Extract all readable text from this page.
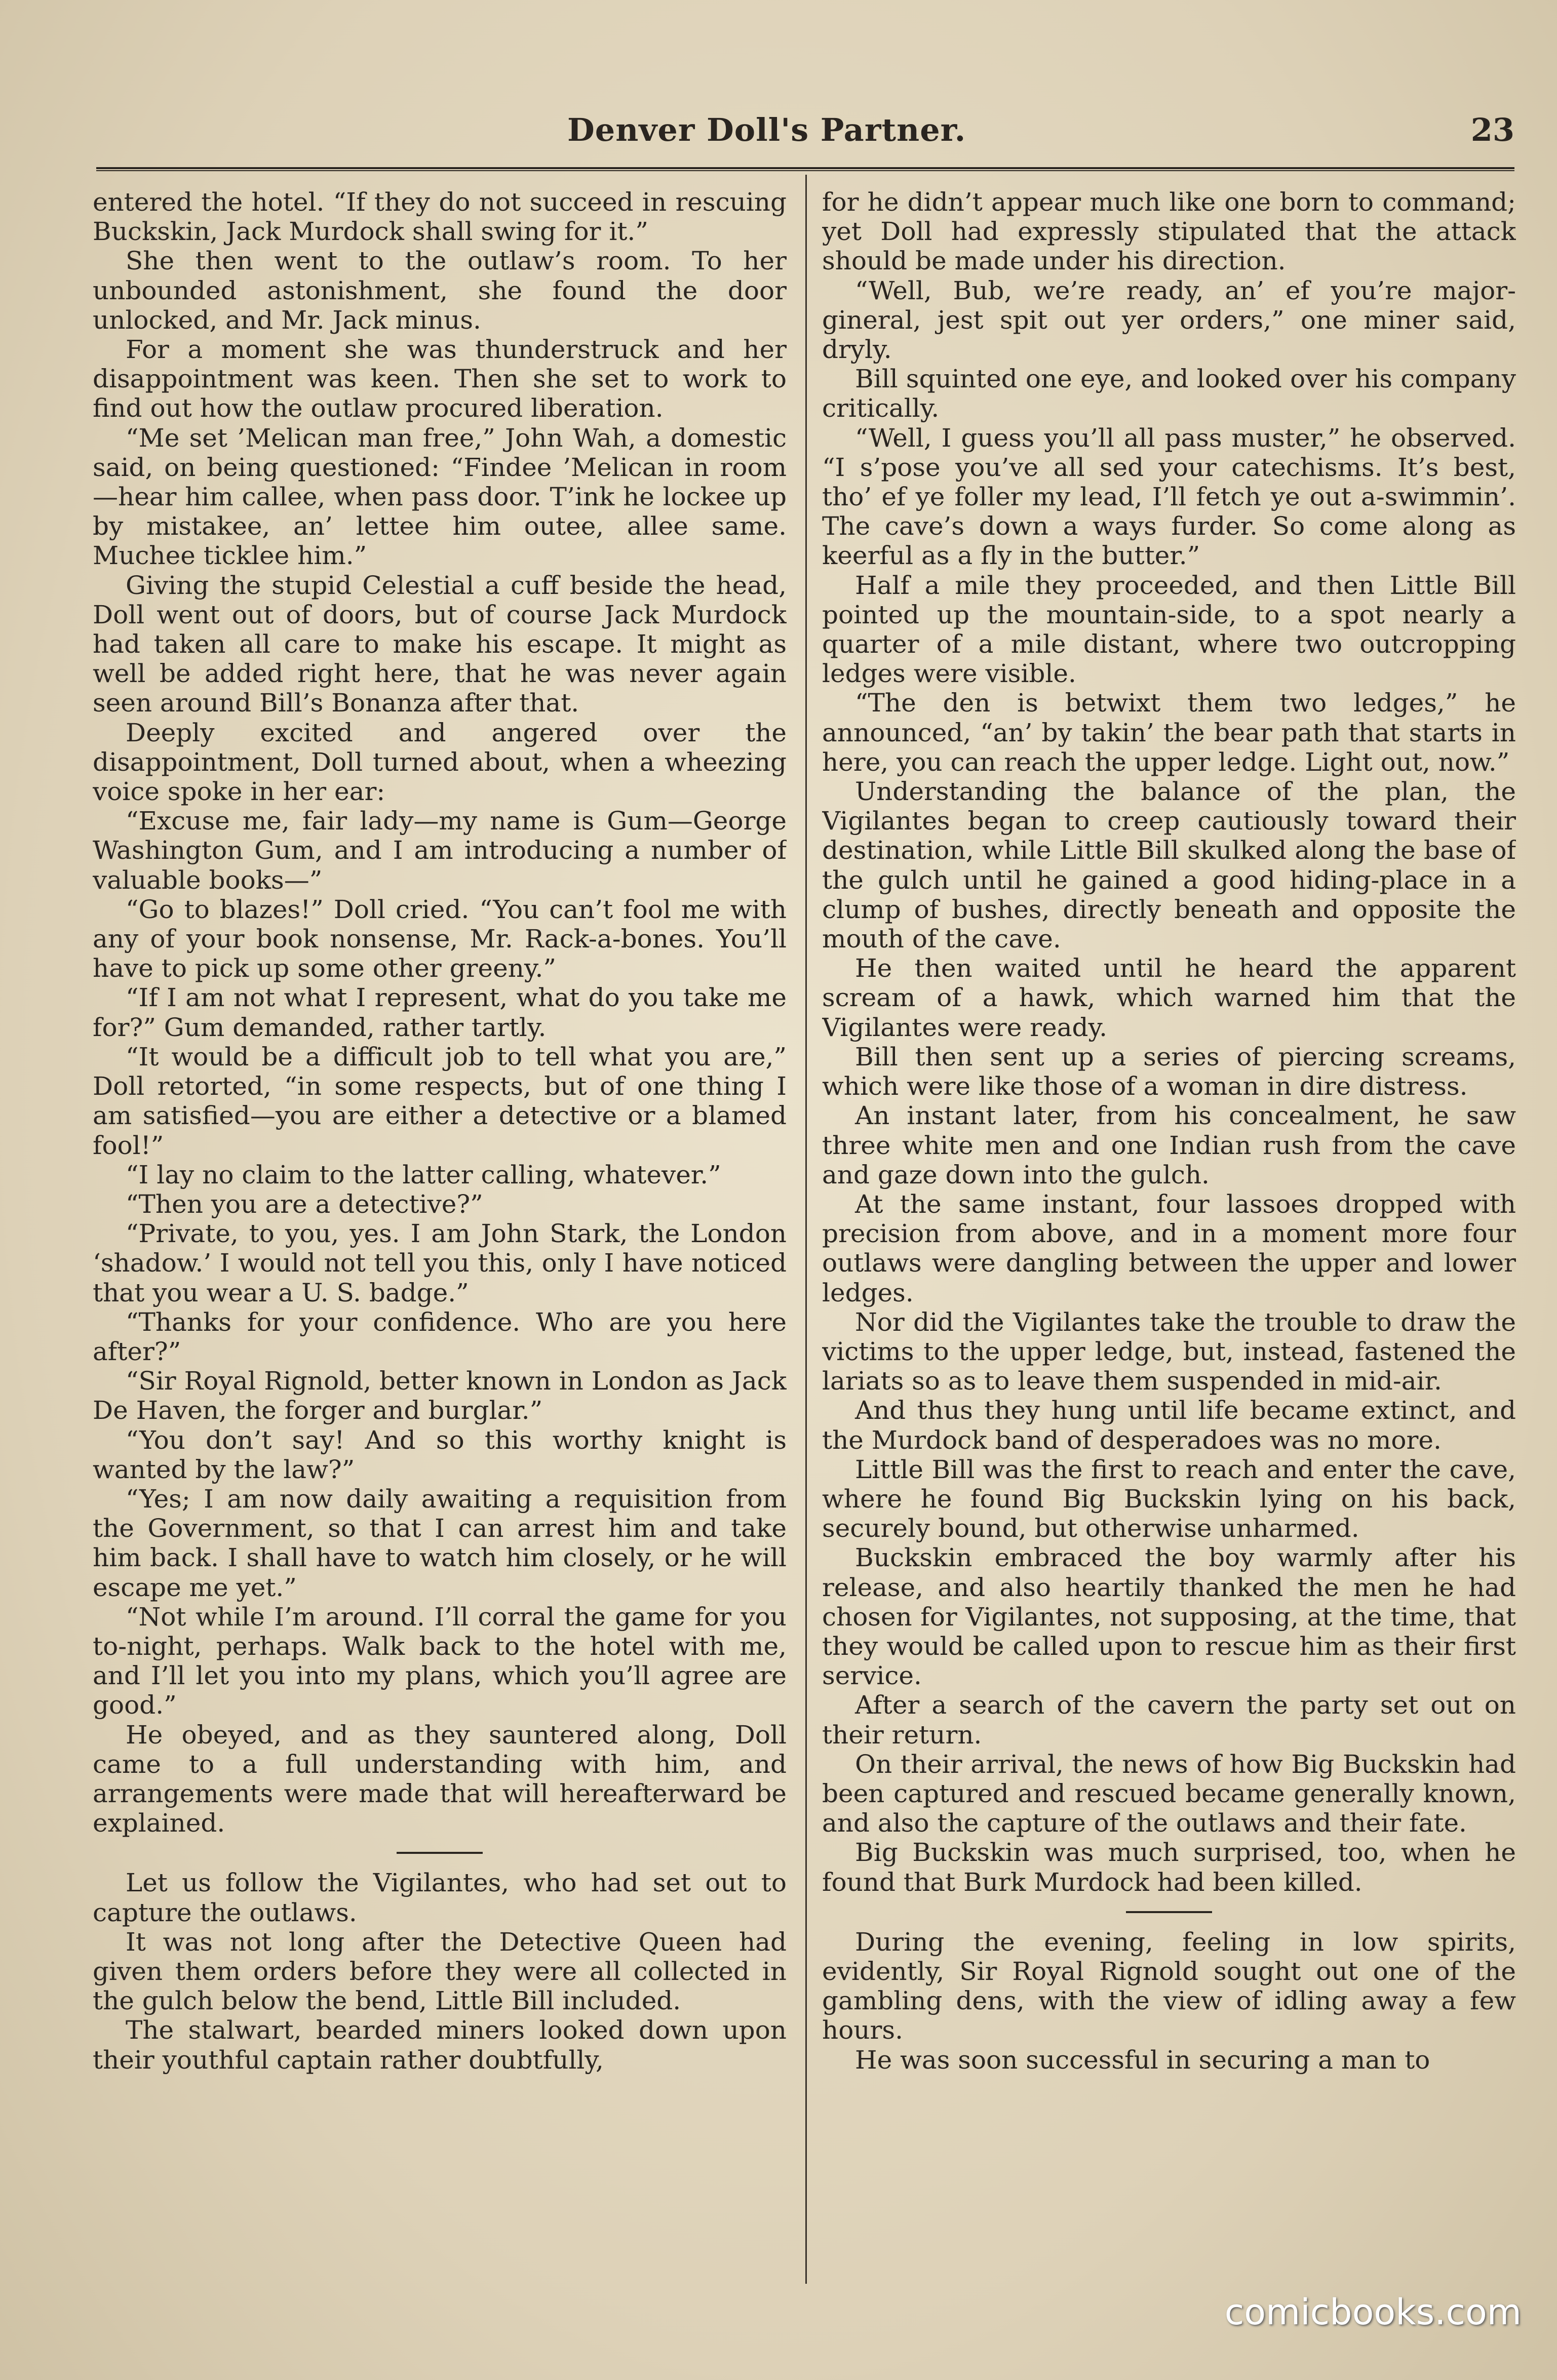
Denver Doll's Partner.	23

entered the hotel. “If they do not succeed in rescuing Buckskin, Jack Murdock shall swing for it.”

She then went to the outlaw’s room. To her unbounded astonishment, she found the door unlocked, and Mr. Jack minus.

For a moment she was thunderstruck and her disappointment was keen. Then she set to work to find out how the outlaw procured liberation.

“Me set ’Melican man free,” John Wah, a domestic said, on being questioned: “Findee ’Melican in room—hear him callee, when pass door. T’ink he lockee up by mistakee, an’ lettee him outee, allee same. Muchee ticklee him.”

Giving the stupid Celestial a cuff beside the head, Doll went out of doors, but of course Jack Murdock had taken all care to make his escape. It might as well be added right here, that he was never again seen around Bill’s Bonanza after that.

Deeply excited and angered over the disappointment, Doll turned about, when a wheezing voice spoke in her ear:

“Excuse me, fair lady—my name is Gum—George Washington Gum, and I am introducing a number of valuable books—”

“Go to blazes!” Doll cried. “You can’t fool me with any of your book nonsense, Mr. Rack-a-bones. You’ll have to pick up some other greeny.”

“If I am not what I represent, what do you take me for?” Gum demanded, rather tartly.

“It would be a difficult job to tell what you are,” Doll retorted, “in some respects, but of one thing I am satisfied—you are either a detective or a blamed fool!”

“I lay no claim to the latter calling, whatever.”

“Then you are a detective?”

“Private, to you, yes. I am John Stark, the London ‘shadow.’ I would not tell you this, only I have noticed that you wear a U. S. badge.”

“Thanks for your confidence. Who are you here after?”

“Sir Royal Rignold, better known in London as Jack De Haven, the forger and burglar.”

“You don’t say! And so this worthy knight is wanted by the law?”

“Yes; I am now daily awaiting a requisition from the Government, so that I can arrest him and take him back. I shall have to watch him closely, or he will escape me yet.”

“Not while I’m around. I’ll corral the game for you to-night, perhaps. Walk back to the hotel with me, and I’ll let you into my plans, which you’ll agree are good.”

He obeyed, and as they sauntered along, Doll came to a full understanding with him, and arrangements were made that will hereafterward be explained.

Let us follow the Vigilantes, who had set out to capture the outlaws.

It was not long after the Detective Queen had given them orders before they were all collected in the gulch below the bend, Little Bill included.

The stalwart, bearded miners looked down upon their youthful captain rather doubtfully,

for he didn’t appear much like one born to command; yet Doll had expressly stipulated that the attack should be made under his direction.

“Well, Bub, we’re ready, an’ ef you’re major-gineral, jest spit out yer orders,” one miner said, dryly.

Bill squinted one eye, and looked over his company critically.

“Well, I guess you’ll all pass muster,” he observed. “I s’pose you’ve all sed your catechisms. It’s best, tho’ ef ye foller my lead, I’ll fetch ye out a-swimmin’. The cave’s down a ways furder. So come along as keerful as a fly in the butter.”

Half a mile they proceeded, and then Little Bill pointed up the mountain-side, to a spot nearly a quarter of a mile distant, where two outcropping ledges were visible.

“The den is betwixt them two ledges,” he announced, “an’ by takin’ the bear path that starts in here, you can reach the upper ledge. Light out, now.”

Understanding the balance of the plan, the Vigilantes began to creep cautiously toward their destination, while Little Bill skulked along the base of the gulch until he gained a good hiding-place in a clump of bushes, directly beneath and opposite the mouth of the cave.

He then waited until he heard the apparent scream of a hawk, which warned him that the Vigilantes were ready.

Bill then sent up a series of piercing screams, which were like those of a woman in dire distress.

An instant later, from his concealment, he saw three white men and one Indian rush from the cave and gaze down into the gulch.

At the same instant, four lassoes dropped with precision from above, and in a moment more four outlaws were dangling between the upper and lower ledges.

Nor did the Vigilantes take the trouble to draw the victims to the upper ledge, but, instead, fastened the lariats so as to leave them suspended in mid-air.

And thus they hung until life became extinct, and the Murdock band of desperadoes was no more.

Little Bill was the first to reach and enter the cave, where he found Big Buckskin lying on his back, securely bound, but otherwise unharmed.

Buckskin embraced the boy warmly after his release, and also heartily thanked the men he had chosen for Vigilantes, not supposing, at the time, that they would be called upon to rescue him as their first service.

After a search of the cavern the party set out on their return.

On their arrival, the news of how Big Buckskin had been captured and rescued became generally known, and also the capture of the outlaws and their fate.

Big Buckskin was much surprised, too, when he found that Burk Murdock had been killed.

During the evening, feeling in low spirits, evidently, Sir Royal Rignold sought out one of the gambling dens, with the view of idling away a few hours.

He was soon successful in securing a man to

comicbooks.com
